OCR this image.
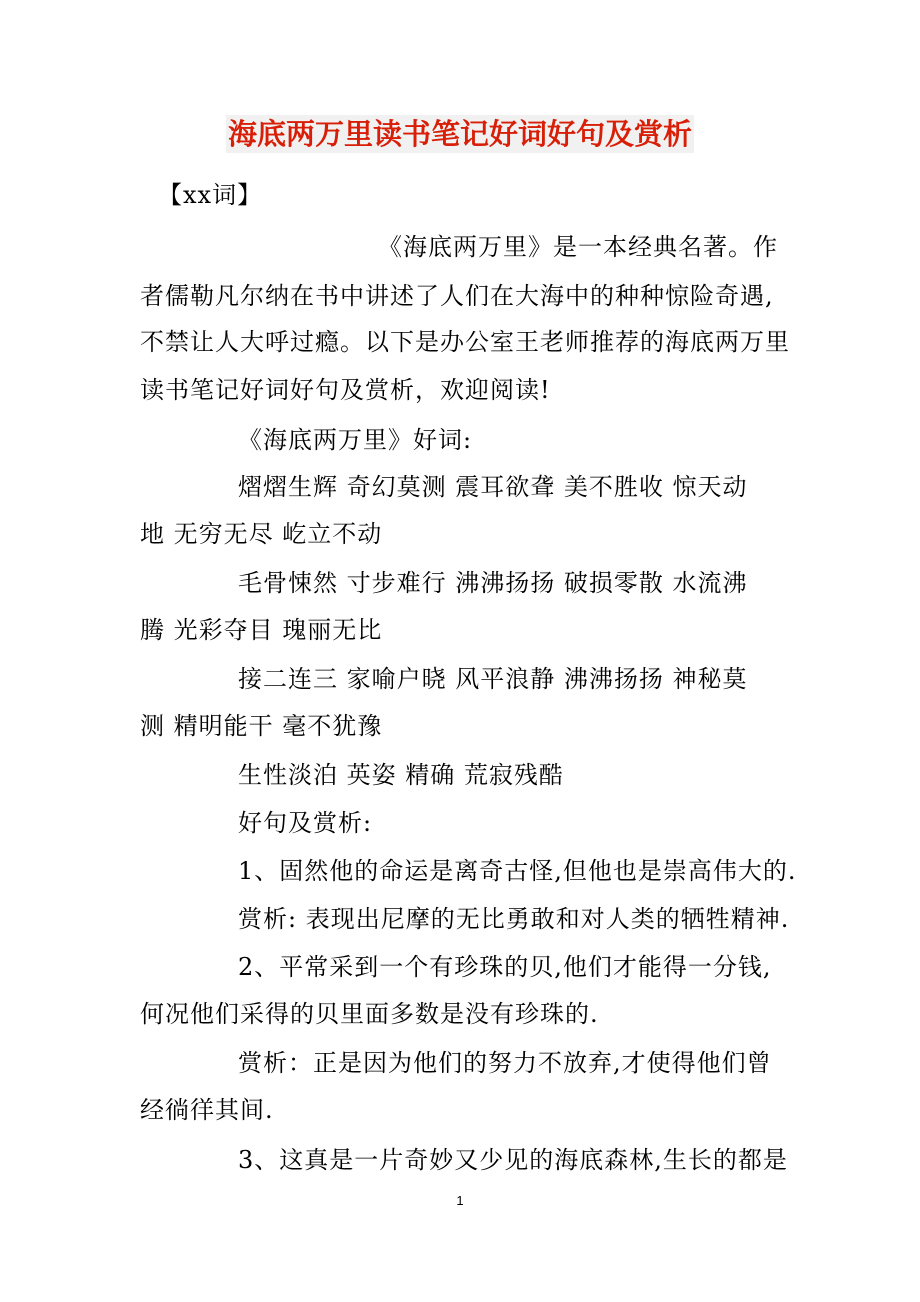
海底两万里读书笔记好词好句及赏析
【xx词】
《海底两万里》是一本经典名著。作
者儒勒凡尔纳在书中讲述了人们在大海中的种种惊险奇遇,
不禁让人大呼过瘾。以下是办公室王老师推荐的海底两万里
读书笔记好词好句及赏析，欢迎阅读!
《海底两万里》好词:
熠熠生辉 奇幻莫测 震耳欲聋 美不胜收 惊天动
地 无穷无尽 屹立不动
毛骨悚然 寸步难行 沸沸扬扬 破损零散 水流沸
腾 光彩夺目 瑰丽无比
接二连三 家喻户晓 风平浪静 沸沸扬扬 神秘莫
测 精明能干 毫不犹豫
生性淡泊 英姿 精确 荒寂残酷
好句及赏析:
1、固然他的命运是离奇古怪,但他也是崇高伟大的.
赏析: 表现出尼摩的无比勇敢和对人类的牺牲精神.
2、平常采到一个有珍珠的贝,他们才能得一分钱,
何况他们采得的贝里面多数是没有珍珠的.
赏析：正是因为他们的努力不放弃,才使得他们曾
经徜徉其间.
3、这真是一片奇妙又少见的海底森林,生长的都是
1
